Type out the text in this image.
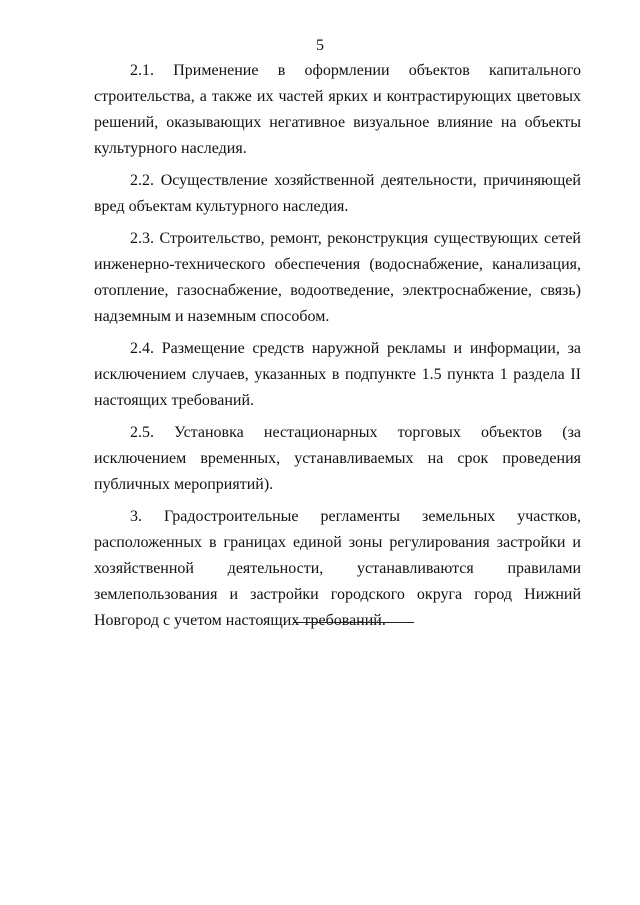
5

2.1. Применение в оформлении объектов капитального строительства, а также их частей ярких и контрастирующих цветовых решений, оказывающих негативное визуальное влияние на объекты культурного наследия.

2.2. Осуществление хозяйственной деятельности, причиняющей вред объектам культурного наследия.

2.3. Строительство, ремонт, реконструкция существующих сетей инженерно-технического обеспечения (водоснабжение, канализация, отопление, газоснабжение, водоотведение, электроснабжение, связь) надземным и наземным способом.

2.4. Размещение средств наружной рекламы и информации, за исключением случаев, указанных в подпункте 1.5 пункта 1 раздела II настоящих требований.

2.5. Установка нестационарных торговых объектов (за исключением временных, устанавливаемых на срок проведения публичных мероприятий).

3. Градостроительные регламенты земельных участков, расположенных в границах единой зоны регулирования застройки и хозяйственной деятельности, устанавливаются правилами землепользования и застройки городского округа город Нижний Новгород с учетом настоящих требований.
